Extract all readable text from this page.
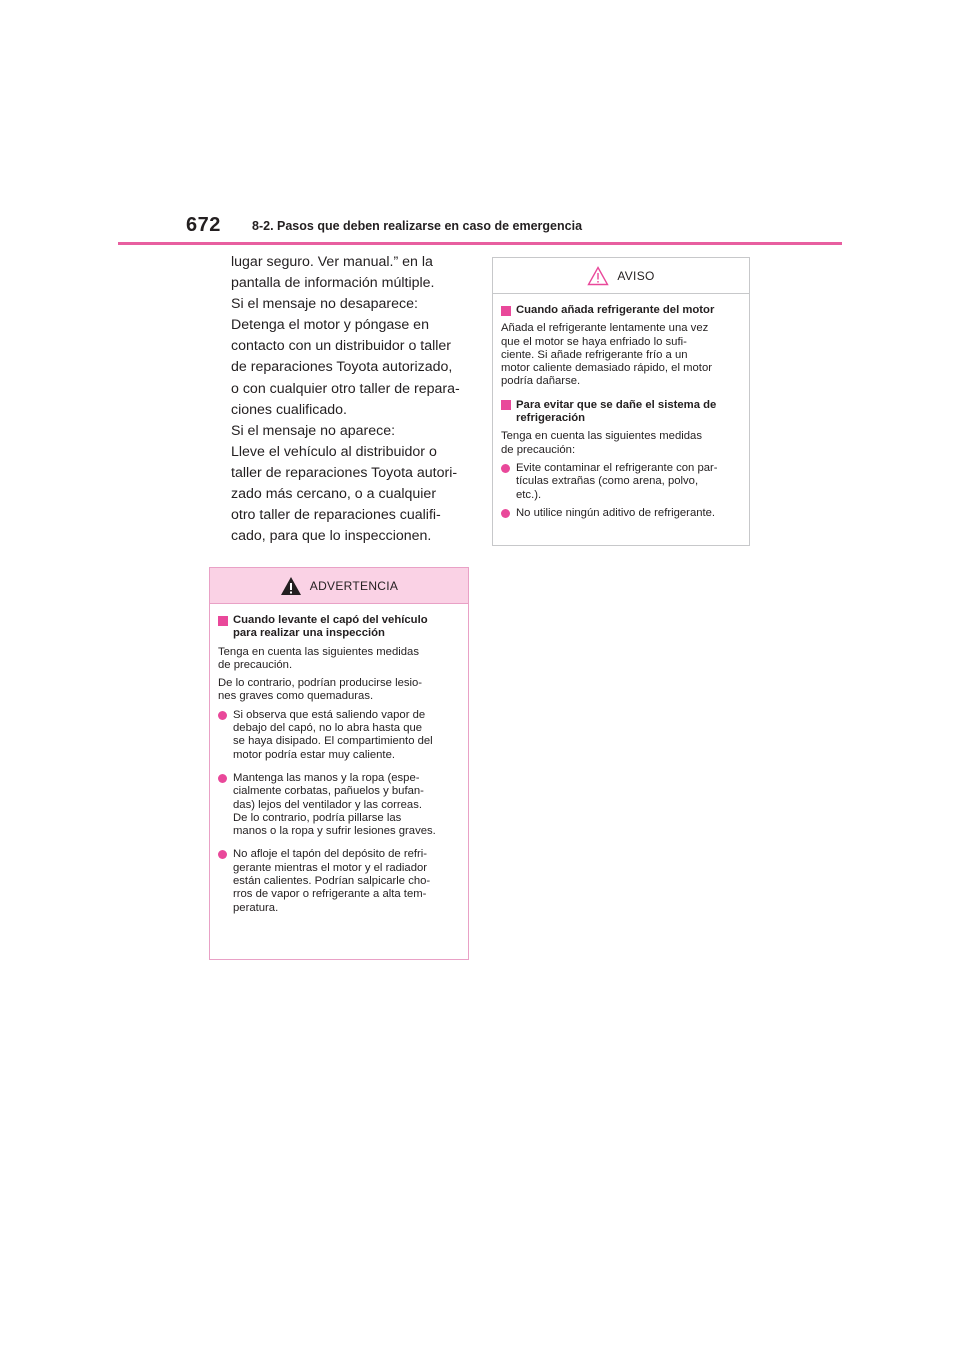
672 8-2. Pasos que deben realizarse en caso de emergencia
lugar seguro. Ver manual.” en la
pantalla de información múltiple.
Si el mensaje no desaparece:
Detenga el motor y póngase en
contacto con un distribuidor o taller
de reparaciones Toyota autorizado,
o con cualquier otro taller de repara-
ciones cualificado.
Si el mensaje no aparece:
Lleve el vehículo al distribuidor o
taller de reparaciones Toyota autori-
zado más cercano, o a cualquier
otro taller de reparaciones cualifi-
cado, para que lo inspeccionen.
ADVERTENCIA
Cuando levante el capó del vehículo
para realizar una inspección
Tenga en cuenta las siguientes medidas
de precaución.
De lo contrario, podrían producirse lesio-
nes graves como quemaduras.
Si observa que está saliendo vapor de
debajo del capó, no lo abra hasta que
se haya disipado. El compartimiento del
motor podría estar muy caliente.
Mantenga las manos y la ropa (espe-
cialmente corbatas, pañuelos y bufan-
das) lejos del ventilador y las correas.
De lo contrario, podría pillarse las
manos o la ropa y sufrir lesiones graves.
No afloje el tapón del depósito de refri-
gerante mientras el motor y el radiador
están calientes. Podrían salpicarle cho-
rros de vapor o refrigerante a alta tem-
peratura.
AVISO
Cuando añada refrigerante del motor
Añada el refrigerante lentamente una vez
que el motor se haya enfriado lo sufi-
ciente. Si añade refrigerante frío a un
motor caliente demasiado rápido, el motor
podría dañarse.
Para evitar que se dañe el sistema de
refrigeración
Tenga en cuenta las siguientes medidas
de precaución:
Evite contaminar el refrigerante con par-
tículas extrañas (como arena, polvo,
etc.).
No utilice ningún aditivo de refrigerante.
